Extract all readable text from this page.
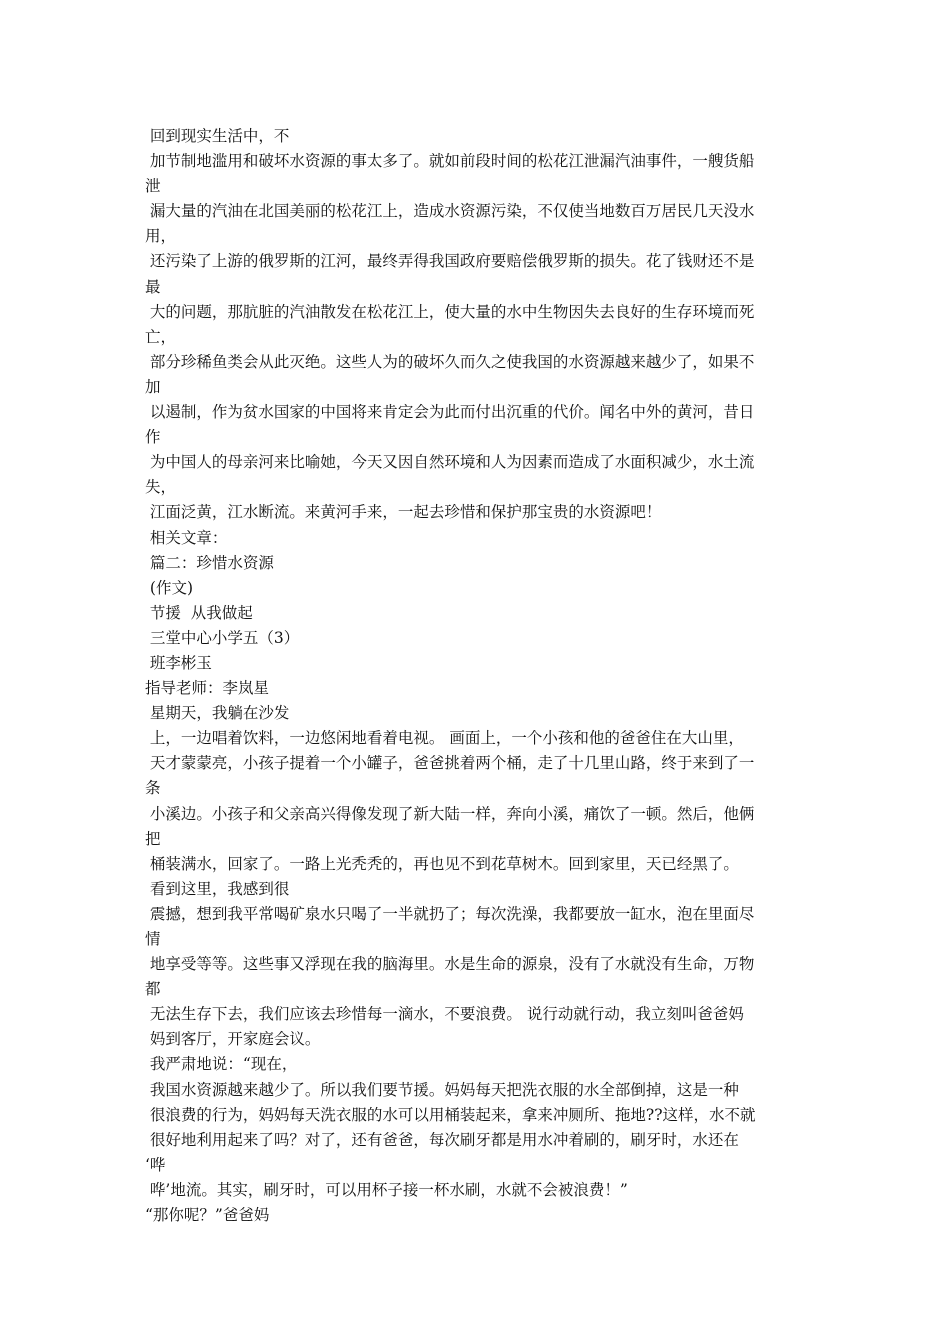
回到现实生活中，不
加节制地滥用和破坏水资源的事太多了。就如前段时间的松花江泄漏汽油事件，一艘货船
泄
漏大量的汽油在北国美丽的松花江上，造成水资源污染，不仅使当地数百万居民几天没水
用，
还污染了上游的俄罗斯的江河，最终弄得我国政府要赔偿俄罗斯的损失。花了钱财还不是
最
大的问题，那肮脏的汽油散发在松花江上，使大量的水中生物因失去良好的生存环境而死
亡，
部分珍稀鱼类会从此灭绝。这些人为的破坏久而久之使我国的水资源越来越少了，如果不
加
以遏制，作为贫水国家的中国将来肯定会为此而付出沉重的代价。闻名中外的黄河，昔日
作
为中国人的母亲河来比喻她，今天又因自然环境和人为因素而造成了水面积减少，水土流
失，
江面泛黄，江水断流。来黄河手来，一起去珍惜和保护那宝贵的水资源吧！
相关文章：
篇二：珍惜水资源
(作文)
节援  从我做起
三堂中心小学五（3）
班李彬玉
指导老师：李岚星
星期天，我躺在沙发
上，一边唱着饮料，一边悠闲地看着电视。 画面上，一个小孩和他的爸爸住在大山里，
天才蒙蒙亮，小孩子提着一个小罐子，爸爸挑着两个桶，走了十几里山路，终于来到了一
条
小溪边。小孩子和父亲高兴得像发现了新大陆一样，奔向小溪，痛饮了一顿。然后，他俩
把
桶装满水，回家了。一路上光秃秃的，再也见不到花草树木。回到家里，天已经黑了。
看到这里，我感到很
震撼，想到我平常喝矿泉水只喝了一半就扔了；每次洗澡，我都要放一缸水，泡在里面尽
情
地享受等等。这些事又浮现在我的脑海里。水是生命的源泉，没有了水就没有生命，万物
都
无法生存下去，我们应该去珍惜每一滴水，不要浪费。 说行动就行动，我立刻叫爸爸妈
妈到客厅，开家庭会议。
我严肃地说：“现在，
我国水资源越来越少了。所以我们要节援。妈妈每天把洗衣服的水全部倒掉，这是一种
很浪费的行为，妈妈每天洗衣服的水可以用桶装起来，拿来冲厕所、拖地??这样，水不就
很好地利用起来了吗？对了，还有爸爸，每次刷牙都是用水冲着刷的，刷牙时，水还在
‘哗
哗’地流。其实，刷牙时，可以用杯子接一杯水刷，水就不会被浪费！”
“那你呢？”爸爸妈
